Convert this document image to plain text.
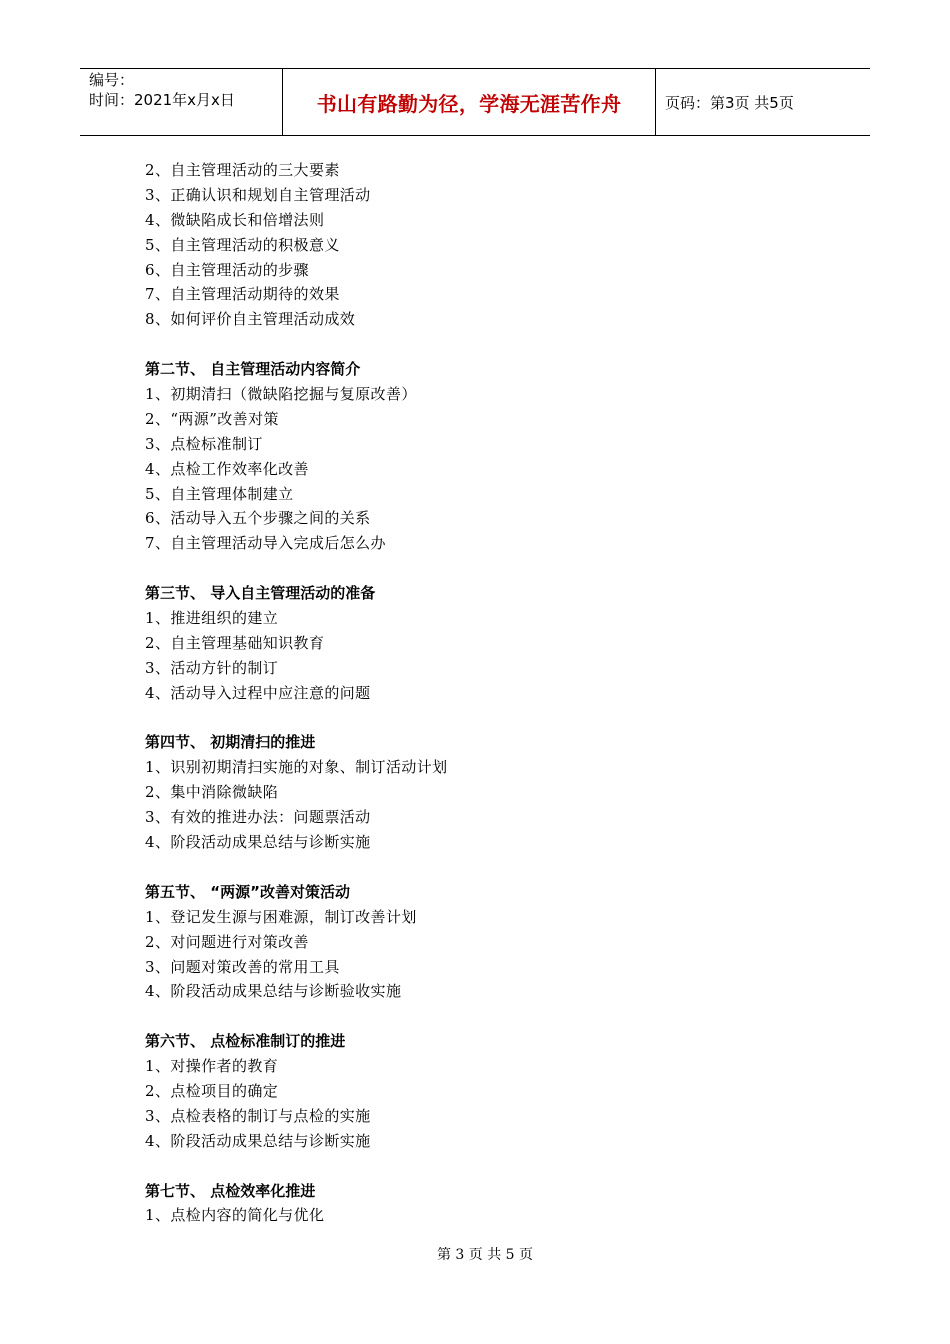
编号：
时间：2021年x月x日	书山有路勤为径，学海无涯苦作舟	页码：第3页 共5页
2、自主管理活动的三大要素
3、正确认识和规划自主管理活动
4、微缺陷成长和倍增法则
5、自主管理活动的积极意义
6、自主管理活动的步骤
7、自主管理活动期待的效果
8、如何评价自主管理活动成效
第二节、 自主管理活动内容简介
1、初期清扫（微缺陷挖掘与复原改善）
2、“两源”改善对策
3、点检标准制订
4、点检工作效率化改善
5、自主管理体制建立
6、活动导入五个步骤之间的关系
7、自主管理活动导入完成后怎么办
第三节、 导入自主管理活动的准备
1、推进组织的建立
2、自主管理基础知识教育
3、活动方针的制订
4、活动导入过程中应注意的问题
第四节、 初期清扫的推进
1、识别初期清扫实施的对象、制订活动计划
2、集中消除微缺陷
3、有效的推进办法：问题票活动
4、阶段活动成果总结与诊断实施
第五节、 “两源”改善对策活动
1、登记发生源与困难源，制订改善计划
2、对问题进行对策改善
3、问题对策改善的常用工具
4、阶段活动成果总结与诊断验收实施
第六节、 点检标准制订的推进
1、对操作者的教育
2、点检项目的确定
3、点检表格的制订与点检的实施
4、阶段活动成果总结与诊断实施
第七节、 点检效率化推进
1、点检内容的简化与优化
第 3 页 共 5 页
